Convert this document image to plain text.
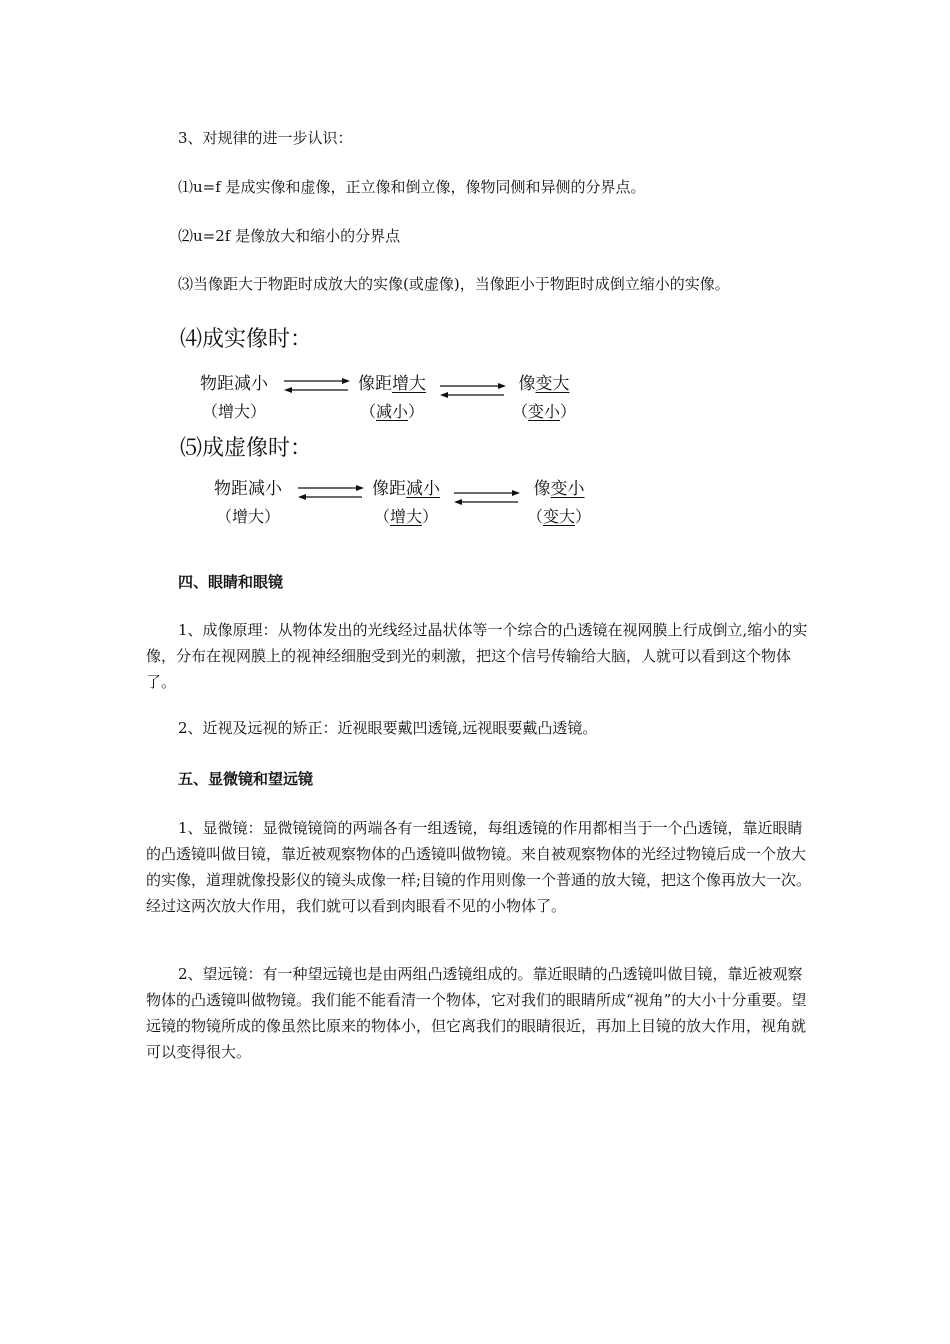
3、对规律的进一步认识：
⑴u=f 是成实像和虚像，正立像和倒立像，像物同侧和异侧的分界点。
⑵u=2f 是像放大和缩小的分界点
⑶当像距大于物距时成放大的实像(或虚像)，当像距小于物距时成倒立缩小的实像。
⑷成实像时：
物距减小
（增大）
像距增大
（减小）
像变大
（变小）
⑸成虚像时：
物距减小
（增大）
像距减小
（增大）
像变小
（变大）
四、眼睛和眼镜
1、成像原理：从物体发出的光线经过晶状体等一个综合的凸透镜在视网膜上行成倒立,缩小的实像，分布在视网膜上的视神经细胞受到光的刺激，把这个信号传输给大脑，人就可以看到这个物体了。
2、近视及远视的矫正：近视眼要戴凹透镜,远视眼要戴凸透镜。
五、显微镜和望远镜
1、显微镜：显微镜镜筒的两端各有一组透镜，每组透镜的作用都相当于一个凸透镜，靠近眼睛的凸透镜叫做目镜，靠近被观察物体的凸透镜叫做物镜。来自被观察物体的光经过物镜后成一个放大的实像，道理就像投影仪的镜头成像一样;目镜的作用则像一个普通的放大镜，把这个像再放大一次。经过这两次放大作用，我们就可以看到肉眼看不见的小物体了。
2、望远镜：有一种望远镜也是由两组凸透镜组成的。靠近眼睛的凸透镜叫做目镜，靠近被观察物体的凸透镜叫做物镜。我们能不能看清一个物体，它对我们的眼睛所成“视角”的大小十分重要。望远镜的物镜所成的像虽然比原来的物体小，但它离我们的眼睛很近，再加上目镜的放大作用，视角就可以变得很大。
